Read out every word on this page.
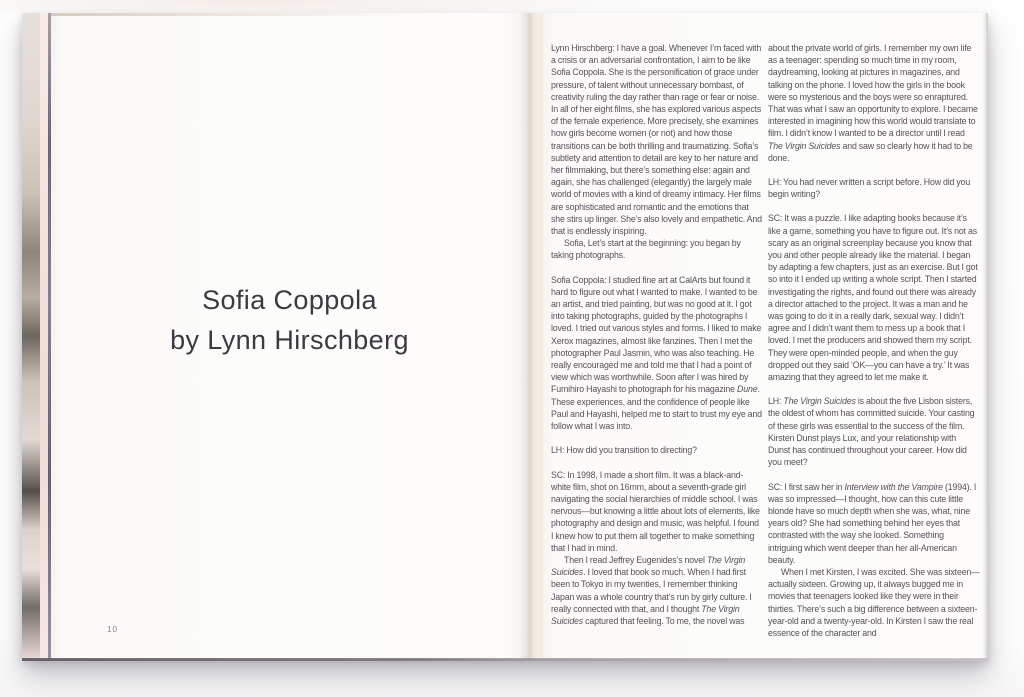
Sofia Coppola
by Lynn Hirschberg
10

Lynn Hirschberg: I have a goal. Whenever I’m faced with a crisis or an adversarial confrontation, I aim to be like Sofia Coppola. She is the personification of grace under pressure, of talent without unnecessary bombast, of creativity ruling the day rather than rage or fear or noise. In all of her eight films, she has explored various aspects of the female experience. More precisely, she examines how girls become women (or not) and how those transitions can be both thrilling and traumatizing. Sofia’s subtlety and attention to detail are key to her nature and her filmmaking, but there’s something else: again and again, she has challenged (elegantly) the largely male world of movies with a kind of dreamy intimacy. Her films are sophisticated and romantic and the emotions that she stirs up linger. She’s also lovely and empathetic. And that is endlessly inspiring.

Sofia, Let’s start at the beginning: you began by taking photographs.

Sofia Coppola: I studied fine art at CalArts but found it hard to figure out what I wanted to make. I wanted to be an artist, and tried painting, but was no good at it. I got into taking photographs, guided by the photographs I loved. I tried out various styles and forms. I liked to make Xerox magazines, almost like fanzines. Then I met the photographer Paul Jasmin, who was also teaching. He really encouraged me and told me that I had a point of view which was worthwhile. Soon after I was hired by Fumihiro Hayashi to photograph for his magazine Dune. These experiences, and the confidence of people like Paul and Hayashi, helped me to start to trust my eye and follow what I was into.

LH: How did you transition to directing?

SC: In 1998, I made a short film. It was a black-and-white film, shot on 16mm, about a seventh-grade girl navigating the social hierarchies of middle school. I was nervous—but knowing a little about lots of elements, like photography and design and music, was helpful. I found I knew how to put them all together to make something that I had in mind.

Then I read Jeffrey Eugenides’s novel The Virgin Suicides. I loved that book so much. When I had first been to Tokyo in my twenties, I remember thinking Japan was a whole country that’s run by girly culture. I really connected with that, and I thought The Virgin Suicides captured that feeling. To me, the novel was

about the private world of girls. I remember my own life as a teenager: spending so much time in my room, daydreaming, looking at pictures in magazines, and talking on the phone. I loved how the girls in the book were so mysterious and the boys were so enraptured. That was what I saw an opportunity to explore. I became interested in imagining how this world would translate to film. I didn’t know I wanted to be a director until I read The Virgin Suicides and saw so clearly how it had to be done.

LH: You had never written a script before. How did you begin writing?

SC: It was a puzzle. I like adapting books because it’s like a game, something you have to figure out. It’s not as scary as an original screenplay because you know that you and other people already like the material. I began by adapting a few chapters, just as an exercise. But I got so into it I ended up writing a whole script. Then I started investigating the rights, and found out there was already a director attached to the project. It was a man and he was going to do it in a really dark, sexual way. I didn’t agree and I didn’t want them to mess up a book that I loved. I met the producers and showed them my script. They were open-minded people, and when the guy dropped out they said ‘OK—you can have a try.’ It was amazing that they agreed to let me make it.

LH: The Virgin Suicides is about the five Lisbon sisters, the oldest of whom has committed suicide. Your casting of these girls was essential to the success of the film. Kirsten Dunst plays Lux, and your relationship with Dunst has continued throughout your career. How did you meet?

SC: I first saw her in Interview with the Vampire (1994). I was so impressed—I thought, how can this cute little blonde have so much depth when she was, what, nine years old? She had something behind her eyes that contrasted with the way she looked. Something intriguing which went deeper than her all-American beauty.

When I met Kirsten, I was excited. She was sixteen—actually sixteen. Growing up, it always bugged me in movies that teenagers looked like they were in their thirties. There’s such a big difference between a sixteen-year-old and a twenty-year-old. In Kirsten I saw the real essence of the character and
